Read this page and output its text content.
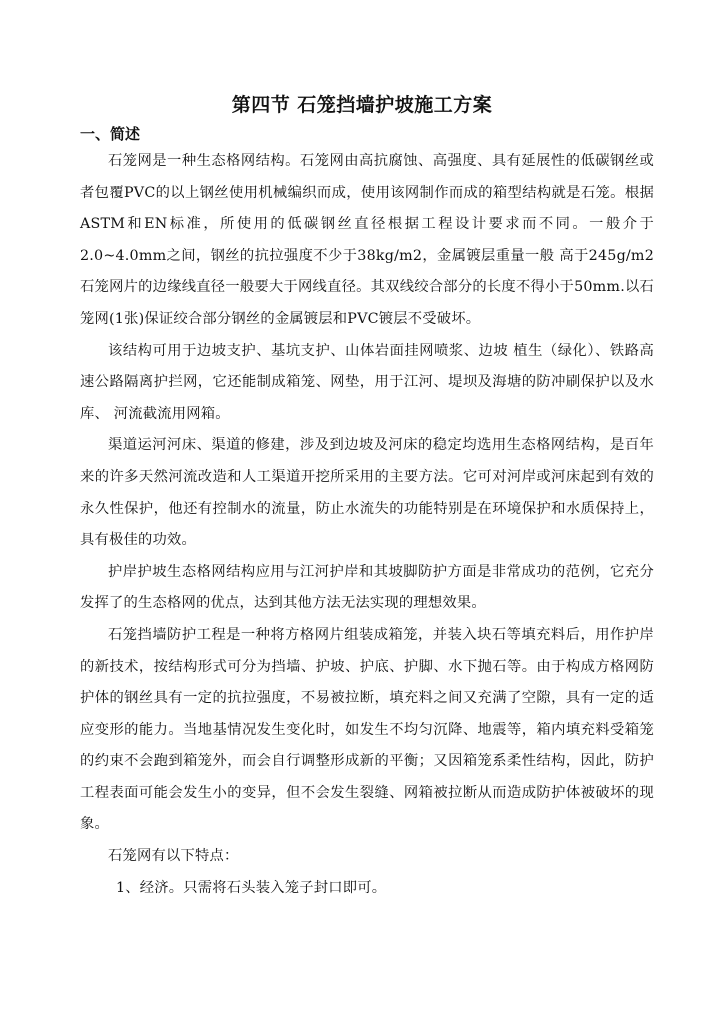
第四节 石笼挡墙护坡施工方案
一、简述

石笼网是一种生态格网结构。石笼网由高抗腐蚀、高强度、具有延展性的低碳钢丝或者包覆PVC的以上钢丝使用机械编织而成，使用该网制作而成的箱型结构就是石笼。根据ASTM和EN标准，所使用的低碳钢丝直径根据工程设计要求而不同。一般介于2.0~4.0mm之间，钢丝的抗拉强度不少于38kg/m2，金属镀层重量一般 高于245g/m2石笼网片的边缘线直径一般要大于网线直径。其双线绞合部分的长度不得小于50mm.以石笼网(1张)保证绞合部分钢丝的金属镀层和PVC镀层不受破坏。

该结构可用于边坡支护、基坑支护、山体岩面挂网喷浆、边坡 植生（绿化）、铁路高速公路隔离护拦网，它还能制成箱笼、网垫，用于江河、堤坝及海塘的防冲刷保护以及水库、 河流截流用网箱。

渠道运河河床、渠道的修建，涉及到边坡及河床的稳定均选用生态格网结构，是百年来的许多天然河流改造和人工渠道开挖所采用的主要方法。它可对河岸或河床起到有效的永久性保护，他还有控制水的流量，防止水流失的功能特别是在环境保护和水质保持上，具有极佳的功效。

护岸护坡生态格网结构应用与江河护岸和其坡脚防护方面是非常成功的范例，它充分发挥了的生态格网的优点，达到其他方法无法实现的理想效果。

石笼挡墙防护工程是一种将方格网片组装成箱笼，并装入块石等填充料后，用作护岸的新技术，按结构形式可分为挡墙、护坡、护底、护脚、水下抛石等。由于构成方格网防护体的钢丝具有一定的抗拉强度，不易被拉断，填充料之间又充满了空隙，具有一定的适应变形的能力。当地基情况发生变化时，如发生不均匀沉降、地震等，箱内填充料受箱笼的约束不会跑到箱笼外，而会自行调整形成新的平衡；又因箱笼系柔性结构，因此，防护工程表面可能会发生小的变异，但不会发生裂缝、网箱被拉断从而造成防护体被破坏的现象。

石笼网有以下特点：

1、经济。只需将石头装入笼子封口即可。
